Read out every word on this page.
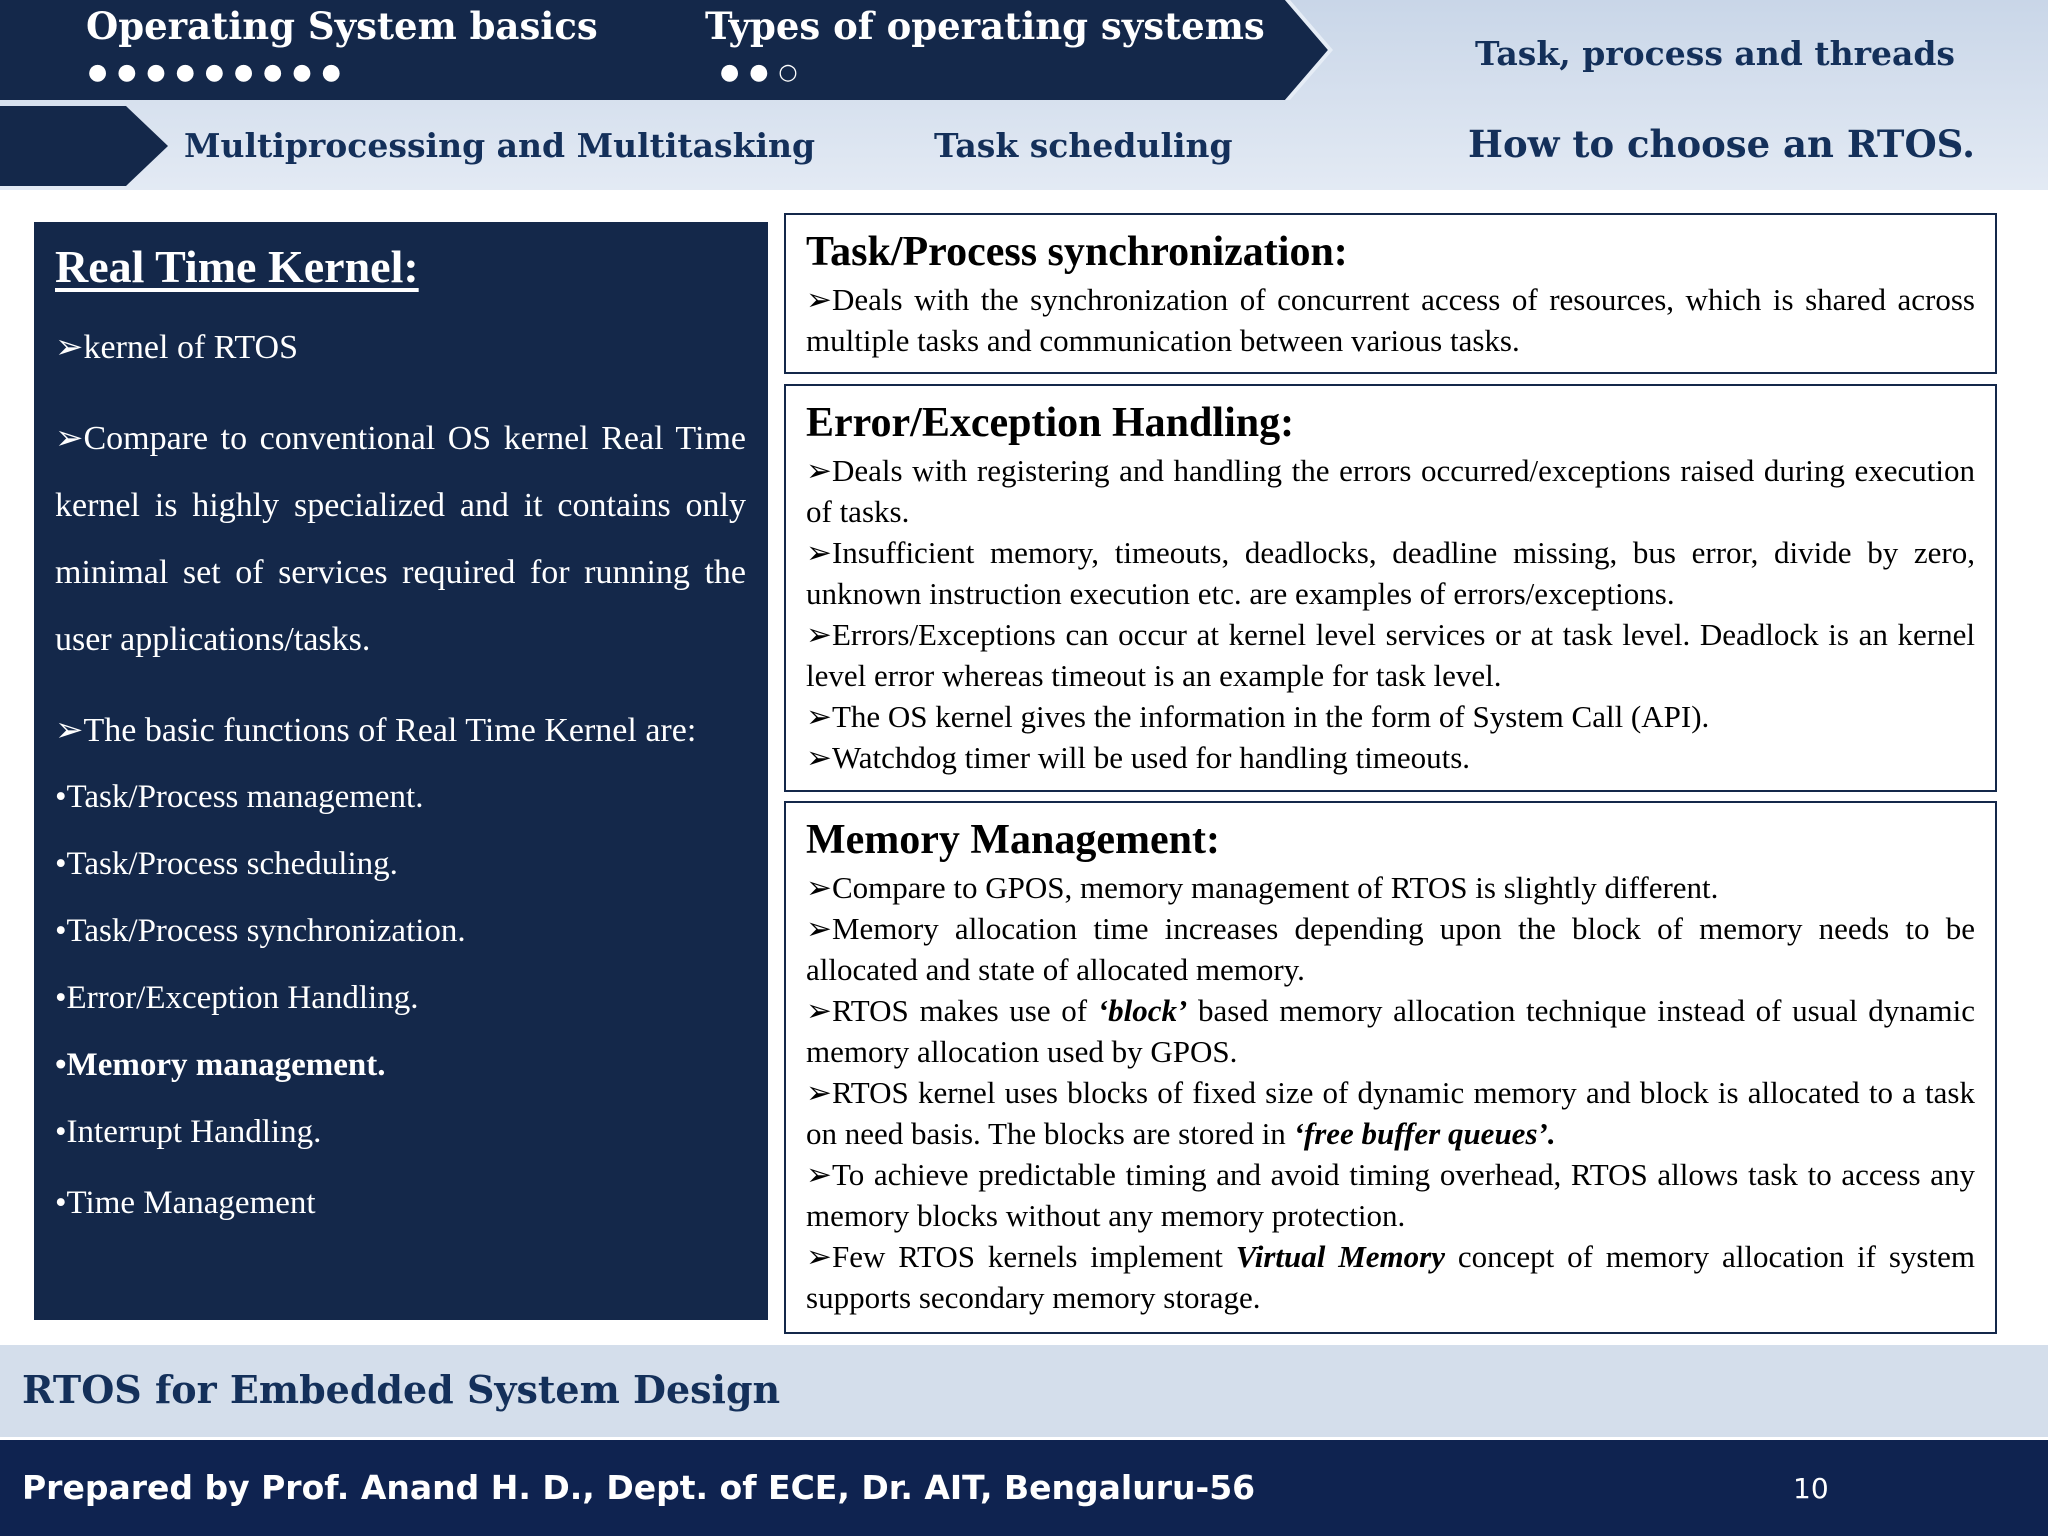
Operating System basics
●●●●●●●●●
Types of operating systems
●●○	Task, process and threads
Multiprocessing and Multitasking	Task scheduling	How to choose an RTOS.
Real Time Kernel:

➢kernel of RTOS

➢Compare to conventional OS kernel Real Time kernel is highly specialized and it contains only minimal set of services required for running the user applications/tasks.

➢The basic functions of Real Time Kernel are:

•Task/Process management.

•Task/Process scheduling.

•Task/Process synchronization.

•Error/Exception Handling.

•Memory management.

•Interrupt Handling.

•Time Management

Task/Process synchronization:

➢Deals with the synchronization of concurrent access of resources, which is shared across multiple tasks and communication between various tasks.

Error/Exception Handling:

➢Deals with registering and handling the errors occurred/exceptions raised during execution of tasks.

➢Insufficient memory, timeouts, deadlocks, deadline missing, bus error, divide by zero, unknown instruction execution etc. are examples of errors/exceptions.

➢Errors/Exceptions can occur at kernel level services or at task level. Deadlock is an kernel level error whereas timeout is an example for task level.

➢The OS kernel gives the information in the form of System Call (API).

➢Watchdog timer will be used for handling timeouts.

Memory Management:

➢Compare to GPOS, memory management of RTOS is slightly different.

➢Memory allocation time increases depending upon the block of memory needs to be allocated and state of allocated memory.

➢RTOS makes use of ‘block’ based memory allocation technique instead of usual dynamic memory allocation used by GPOS.

➢RTOS kernel uses blocks of fixed size of dynamic memory and block is allocated to a task on need basis. The blocks are stored in ‘free buffer queues’.

➢To achieve predictable timing and avoid timing overhead, RTOS allows task to access any memory blocks without any memory protection.

➢Few RTOS kernels implement Virtual Memory concept of memory allocation if system supports secondary memory storage.

RTOS for Embedded System Design
Prepared by Prof. Anand H. D., Dept. of ECE, Dr. AIT, Bengaluru-56	10
